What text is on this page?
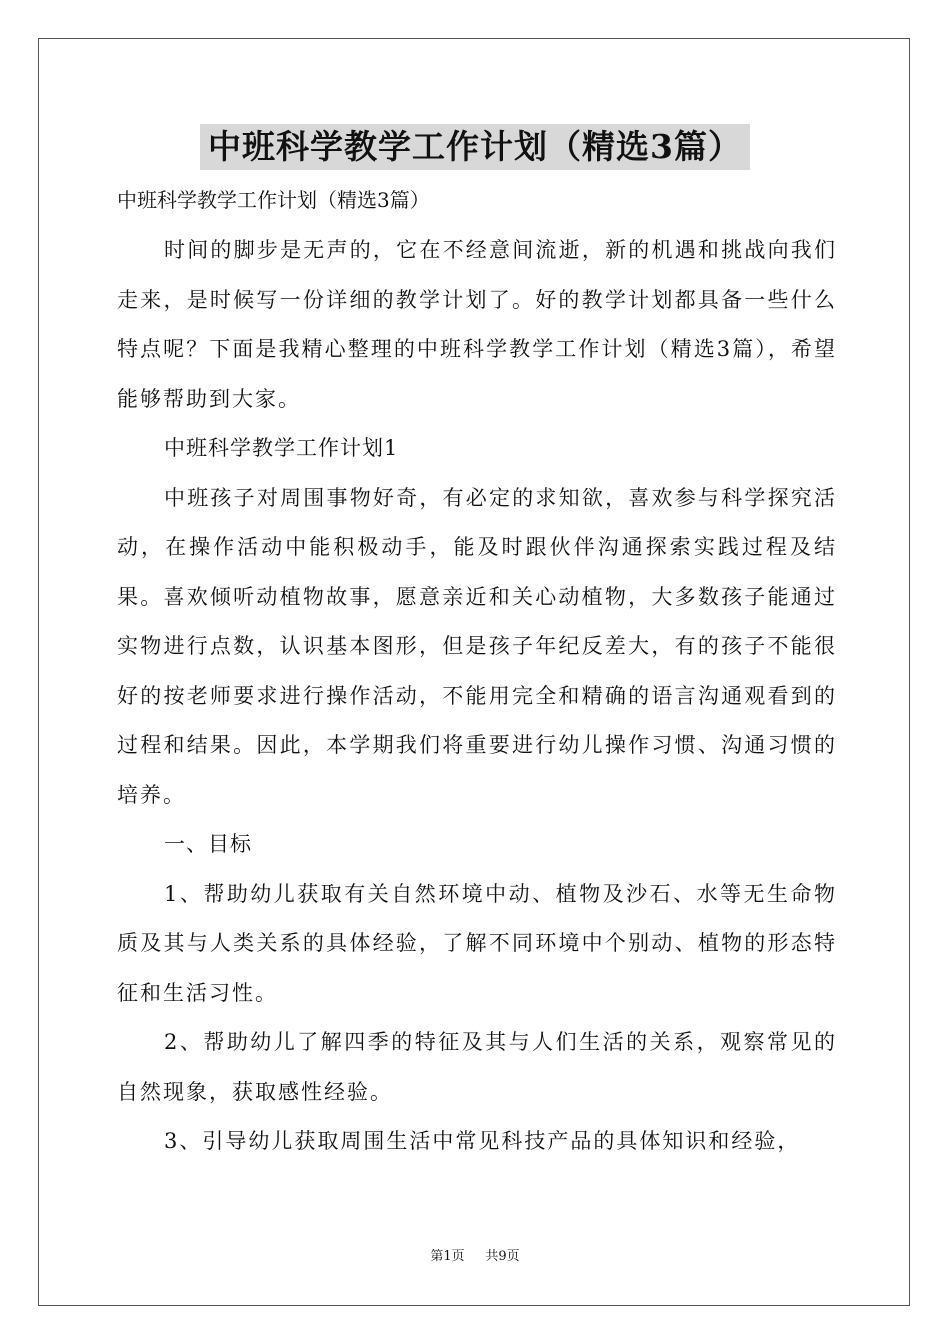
中班科学教学工作计划（精选3篇）
中班科学教学工作计划（精选3篇）

时间的脚步是无声的，它在不经意间流逝，新的机遇和挑战向我们走来，是时候写一份详细的教学计划了。好的教学计划都具备一些什么特点呢？下面是我精心整理的中班科学教学工作计划（精选3篇），希望能够帮助到大家。

中班科学教学工作计划1

中班孩子对周围事物好奇，有必定的求知欲，喜欢参与科学探究活动，在操作活动中能积极动手，能及时跟伙伴沟通探索实践过程及结果。喜欢倾听动植物故事，愿意亲近和关心动植物，大多数孩子能通过实物进行点数，认识基本图形，但是孩子年纪反差大，有的孩子不能很好的按老师要求进行操作活动，不能用完全和精确的语言沟通观看到的过程和结果。因此，本学期我们将重要进行幼儿操作习惯、沟通习惯的培养。

一、目标

1、帮助幼儿获取有关自然环境中动、植物及沙石、水等无生命物质及其与人类关系的具体经验，了解不同环境中个别动、植物的形态特征和生活习性。

2、帮助幼儿了解四季的特征及其与人们生活的关系，观察常见的自然现象，获取感性经验。

3、引导幼儿获取周围生活中常见科技产品的具体知识和经验，

第1页 共9页
